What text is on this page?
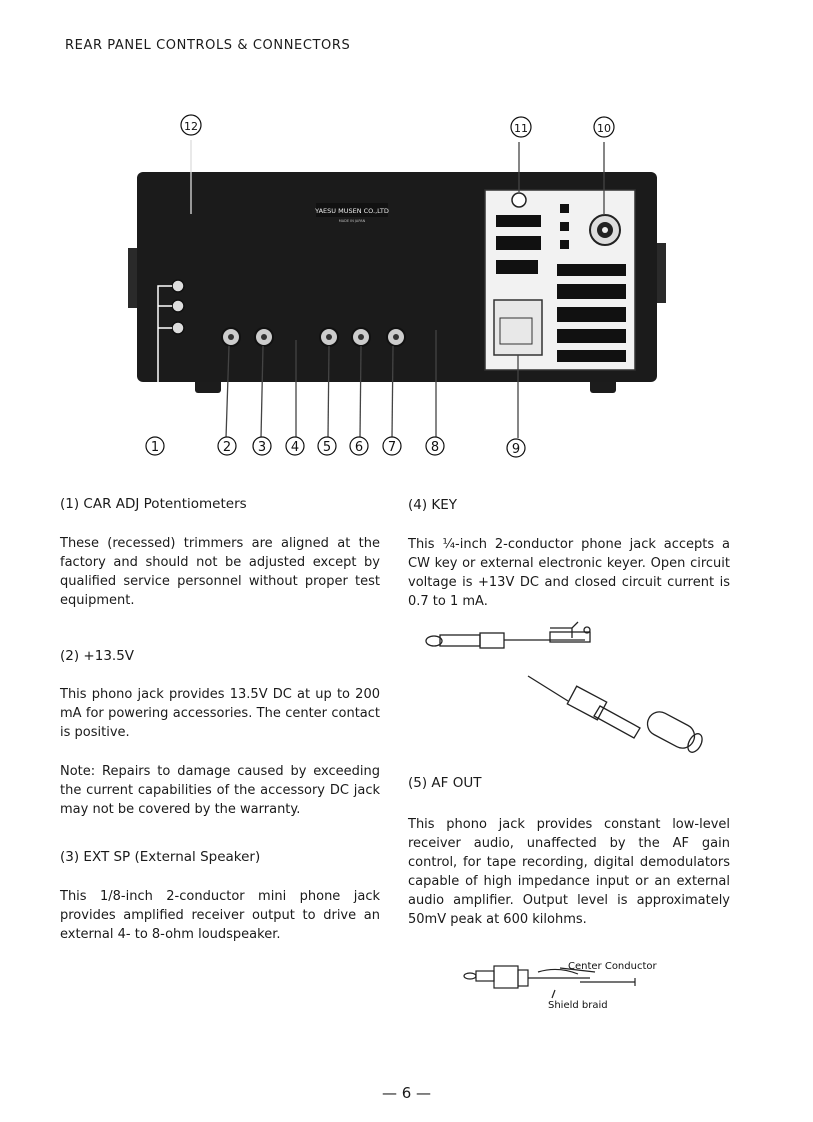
REAR PANEL CONTROLS & CONNECTORS
YAESU MUSEN CO.,LTD
MADE IN JAPAN
1	2 3 4 5 6 7	8	9
10
11
12
(1) CAR ADJ Potentiometers
These (recessed) trimmers are aligned at the factory and should not be adjusted except by qualified service personnel without proper test equipment.
(2) +13.5V
This phono jack provides 13.5V DC at up to 200 mA for powering accessories. The center contact is positive.
Note: Repairs to damage caused by exceeding the current capabilities of the accessory DC jack may not be covered by the warranty.
(3) EXT SP (External Speaker)
This 1/8-inch 2-conductor mini phone jack provides amplified receiver output to drive an external 4- to 8-ohm loudspeaker.
(4) KEY
This ¼-inch 2-conductor phone jack accepts a CW key or external electronic keyer. Open circuit voltage is +13V DC and closed circuit current is 0.7 to 1 mA.
(5) AF OUT
This phono jack provides constant low-level receiver audio, unaffected by the AF gain control, for tape recording, digital demodulators capable of high impedance input or an external audio amplifier. Output level is approximately 50mV peak at 600 kilohms.
Center Conductor
Shield braid
— 6 —
